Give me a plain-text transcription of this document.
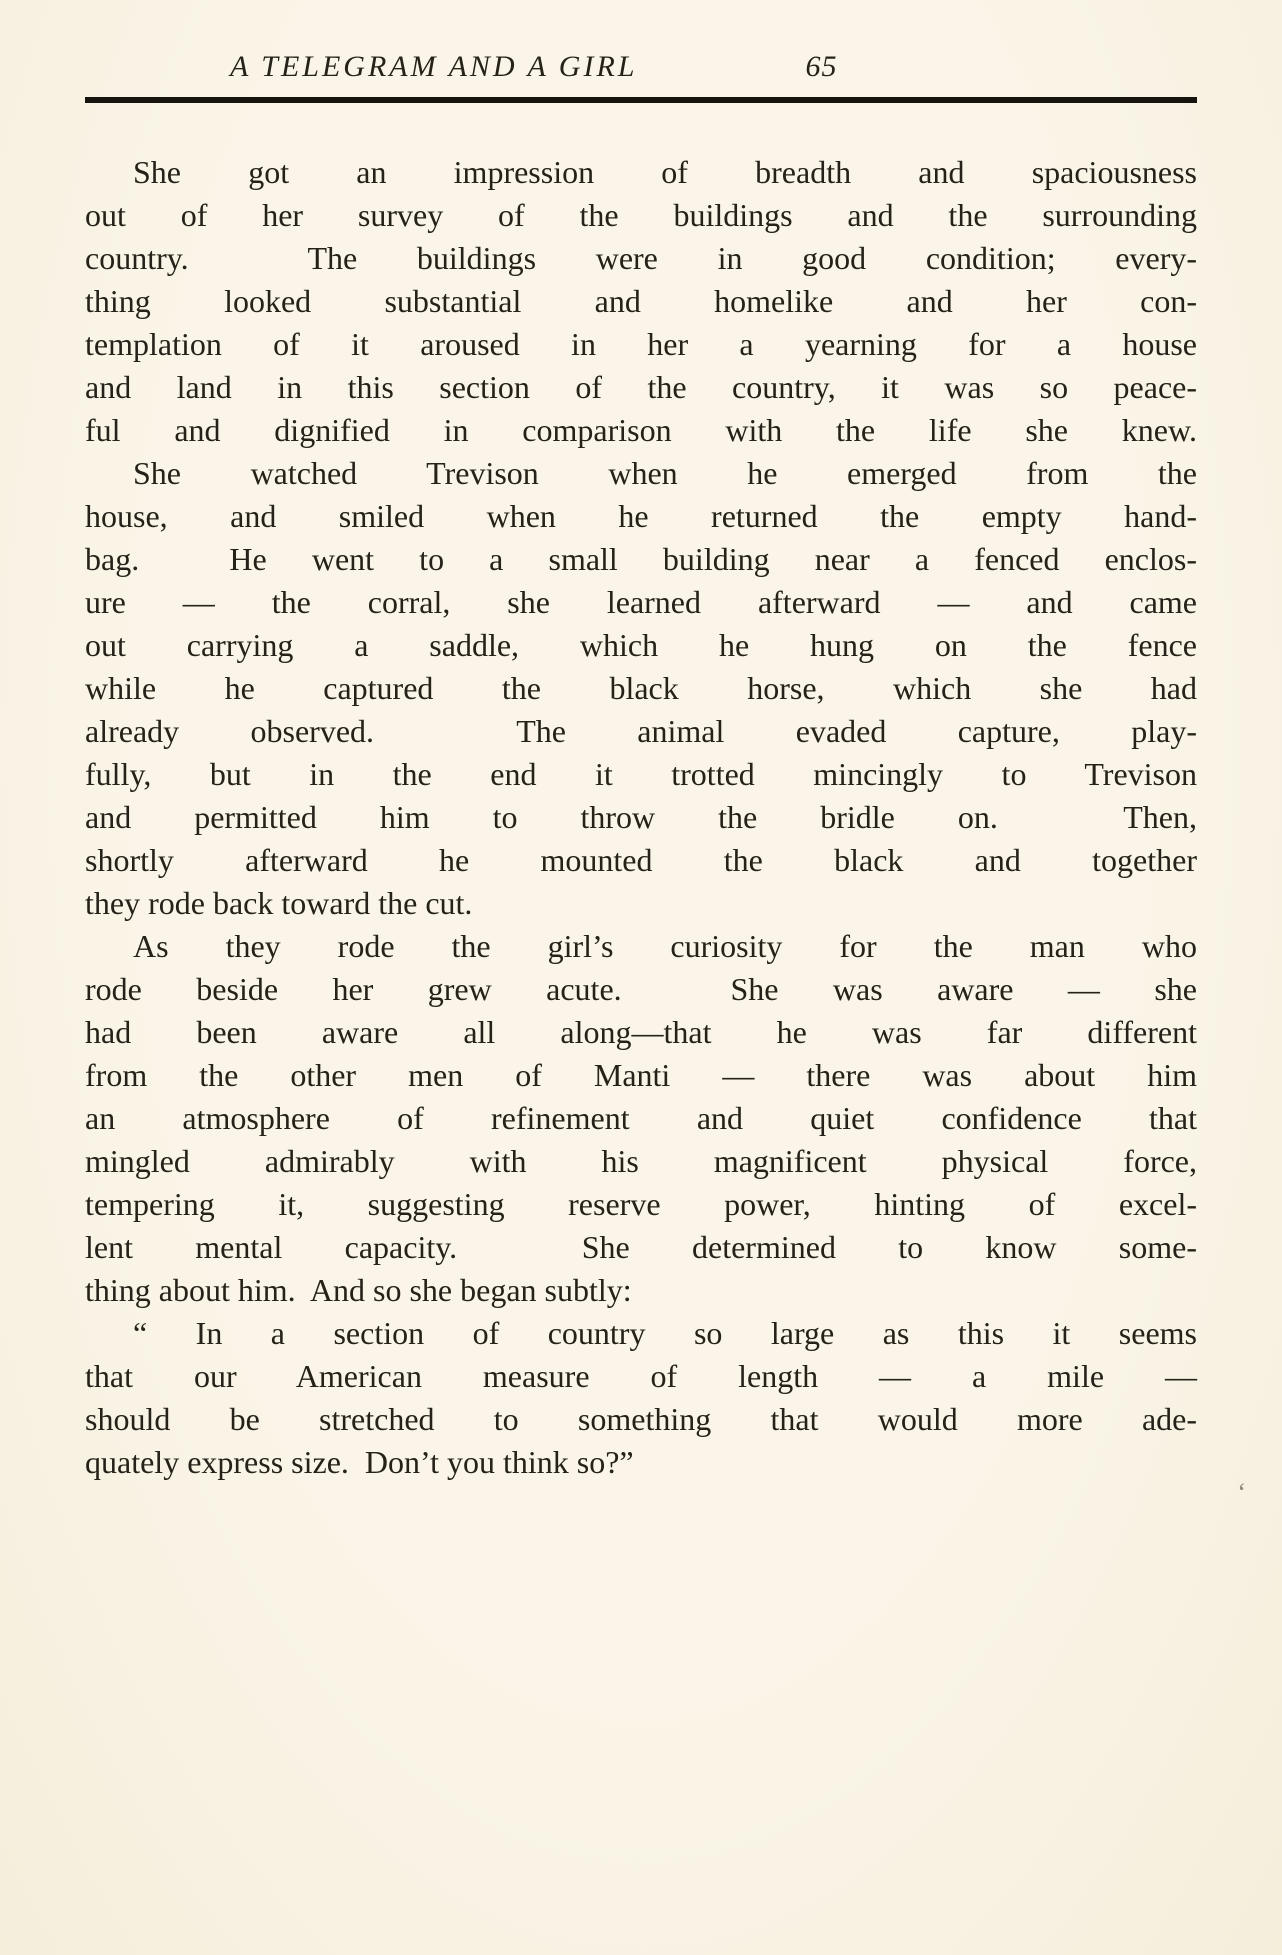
A TELEGRAM AND A GIRL	65
She got an impression of breadth and spaciousness
out of her survey of the buildings and the surrounding
country.  The buildings were in good condition; every-
thing looked substantial and homelike and her con-
templation of it aroused in her a yearning for a house
and land in this section of the country, it was so peace-
ful and dignified in comparison with the life she knew.
She watched Trevison when he emerged from the
house, and smiled when he returned the empty hand-
bag.  He went to a small building near a fenced enclos-
ure — the corral, she learned afterward — and came
out carrying a saddle, which he hung on the fence
while he captured the black horse, which she had
already observed.  The animal evaded capture, play-
fully, but in the end it trotted mincingly to Trevison
and permitted him to throw the bridle on.  Then,
shortly afterward he mounted the black and together
they rode back toward the cut.
As they rode the girl’s curiosity for the man who
rode beside her grew acute.  She was aware — she
had been aware all along—that he was far different
from the other men of Manti — there was about him
an atmosphere of refinement and quiet confidence that
mingled admirably with his magnificent physical force,
tempering it, suggesting reserve power, hinting of excel-
lent mental capacity.  She determined to know some-
thing about him.  And so she began subtly:
“ In a section of country so large as this it seems
that our American measure of length — a mile —
should be stretched to something that would more ade-
quately express size.  Don’t you think so?”
‘
